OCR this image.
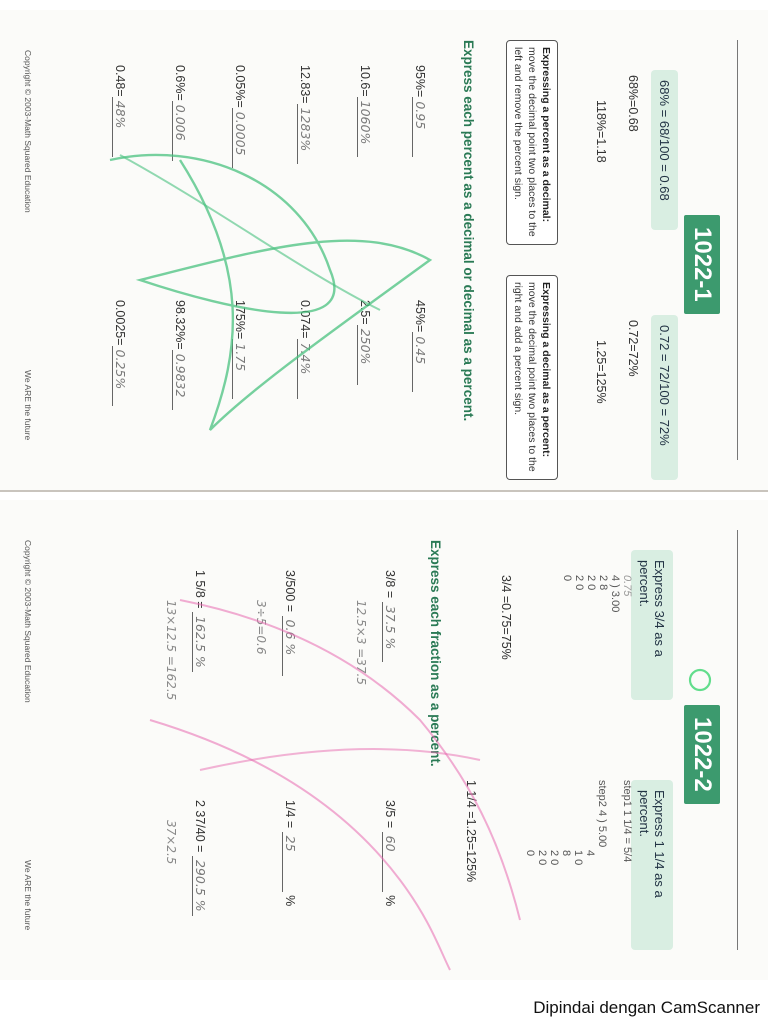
1022-1
68% = 68/100 = 0.68
68%=0.68
118%=1.18
0.72 = 72/100 = 72%
0.72=72%
1.25=125%
Expressing a percent as a decimal:
move the decimal point two places to the left and remove the percent sign.
Expressing a decimal as a percent:
move the decimal point two places to the right and add a percent sign.
Express each percent as a decimal or decimal as a percent.
95%=0.95
10.6=1060%
12.83=1283%
0.05%=0.0005
0.6%=0.006
0.48=48%
45%=0.45
2.5=250%
0.074=7.4%
175%=1.75
98.32%=0.9832
0.0025=0.25%
Copyright © 2003-Math Squared Education
We ARE the future
1022-2
Express 3/4 as a percent.
Express 1 1/4 as a percent.
0.75
4 ) 3.00
2 8
2 0
2 0
0
3/4 =0.75=75%
step1 1 1/4 = 5/4
step2 4 ) 5.00
4
1 0
8
2 0
2 0
0
1 1/4 =1.25=125%
Express each fraction as a percent.
3/8 = 37.5 %
12.5×3 =37.5
3/500 = 0.6 %
3÷5=0.6
1 5/8 = 162.5 %
13×12.5 =162.5
3/5 = 60 %
1/4 = 25 %
2 37/40 = 290.5 %
37×2.5
Copyright © 2003-Math Squared Education
We ARE the future
Dipindai dengan CamScanner
